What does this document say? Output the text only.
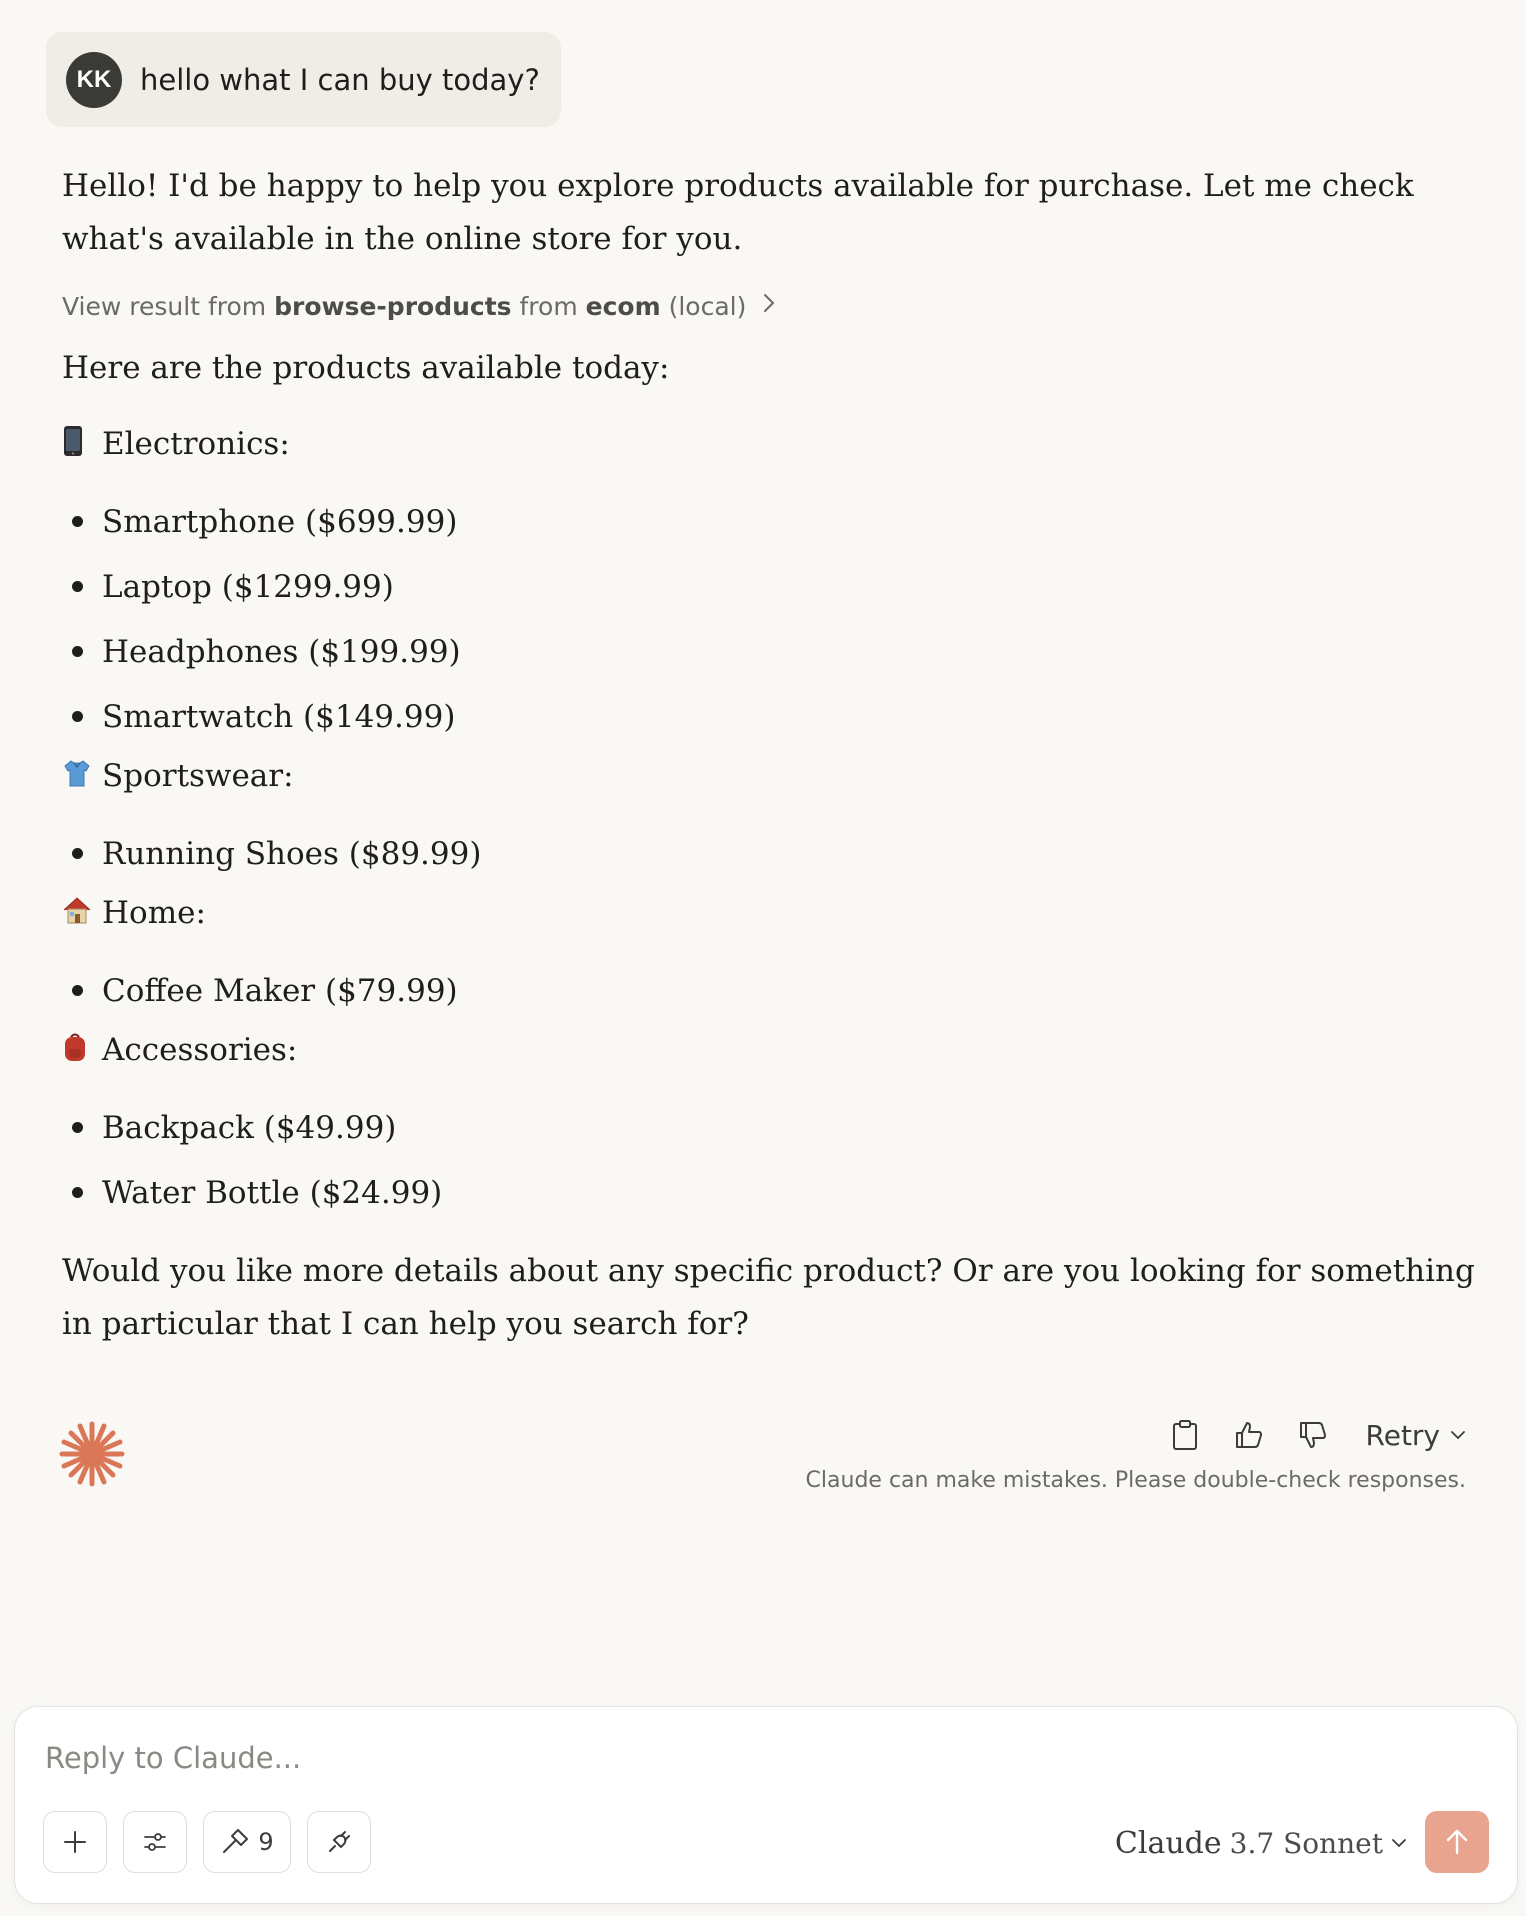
KK hello what I can buy today?

Hello! I'd be happy to help you explore products available for purchase. Let me check what's available in the online store for you.

View result from
browse-products
from
ecom
(local)

Here are the products available today:

Electronics:
Smartphone ($699.99)
Laptop ($1299.99)
Headphones ($199.99)
Smartwatch ($149.99)
Sportswear:
Running Shoes ($89.99)
Home:
Coffee Maker ($79.99)
Accessories:
Backpack ($49.99)
Water Bottle ($24.99)

Would you like more details about any specific product? Or are you looking for something in particular that I can help you search for?

Retry
Claude can make mistakes. Please double-check responses.
Reply to Claude...
9	Claude 3.7 Sonnet
